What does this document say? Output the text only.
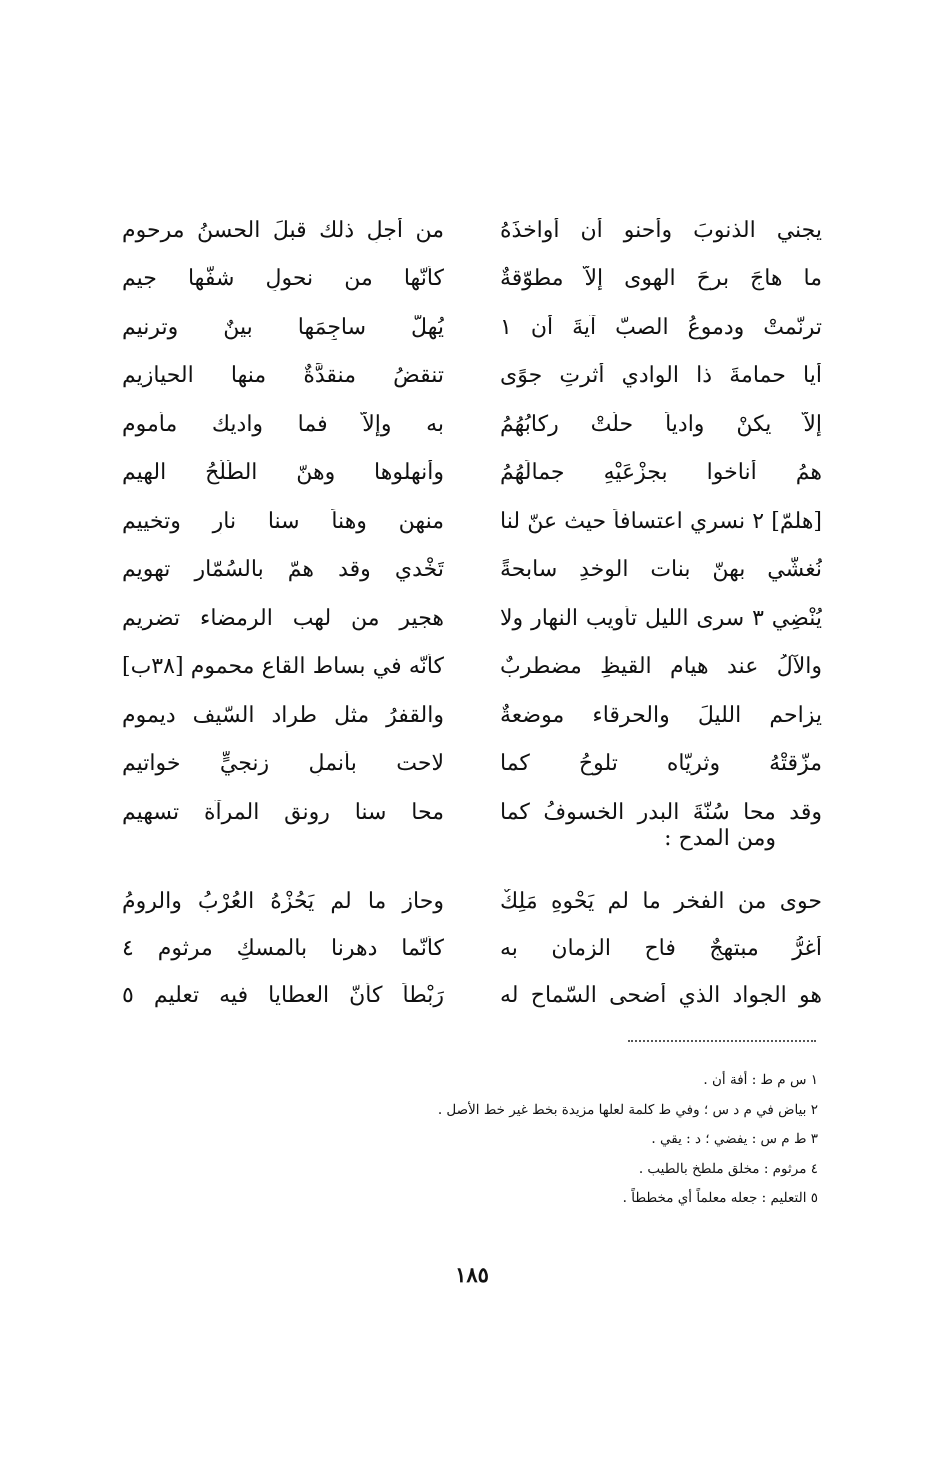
يجني الذنوبَ وأحنو أن أواخذَهُ
من أجلِ ذلك قبلَ الحسنُ مرحوم
ما هاجَ برحَ الهوى إلاّ مطوّقةٌ
كأنّها من نحولٍ شفّها جيم
ترنّمتْ ودموعُ الصبّ آيةَ أن ١
يُهلَّ ساجِمَها بينٌ وترنيم
أيا حمامةَ ذا الوادي أثرتِ جوًى
تنقضُ منقدَّةٌ منها الحيازيم
إلاّ يكنْ وادياً حلّتْ ركابُهُمُ
به وإلاّ فما واديك مأموم
همُ أناخوا بجزْعَيْهِ جمالَهُمُ
وأنهلوها وهنّ الطُلّحُ الهيم
[هلمّ] ٢ نسري اعتسافاً حيث عنّ لنا
منهن وهناً سنا نارٍ وتخييم
نُغشّي بهنّ بنات الوخدِ سابحةً
تَخْدي وقد همّ بالسُمّار تهويم
يُنْضِي ٣ سرى الليل تأويب النهار ولا
هجير من لهب الرمضاء تضريم
والآلُ عند هيام القيظِ مضطربٌ
كأنّه في بساط القاع محموم [٣٨ب]
يزاحم الليلَ والحرقاء موضعةٌ
والقفرُ مثل طراد السّيف ديموم
مزّقتْهُ وثريّاه تلوحُ كما
لاحت بأنملِ زنجيٍّ خواتيم
وقد محا سُنّةَ البدرِ الخسوفُ كما
محا سنا رونقِ المرآة تسهيم
ومن المدح :
حوى من الفخرِ ما لم يَحْوِهِ مَلِكٌ
وحاز ما لم يَحُزْهُ العُرْبُ والرومُ
أغرُّ مبتهجٌ فاح الزمان به
كأنّما دهرنا بالمسكِ مرثوم ٤
هو الجواد الذي أضحى السّماح له
رَبْطاً كأنّ العطايا فيه تعليم ٥
١ س م ط : أفة أن .
٢ بياض في م د س ؛ وفي ط كلمة لعلها مزيدة بخط غير خط الأصل .
٣ ط م س : يفضي ؛ د : يقي .
٤ مرثوم : مخلق ملطخ بالطيب .
٥ التعليم : جعله معلماً أي مخططاً .
١٨٥
